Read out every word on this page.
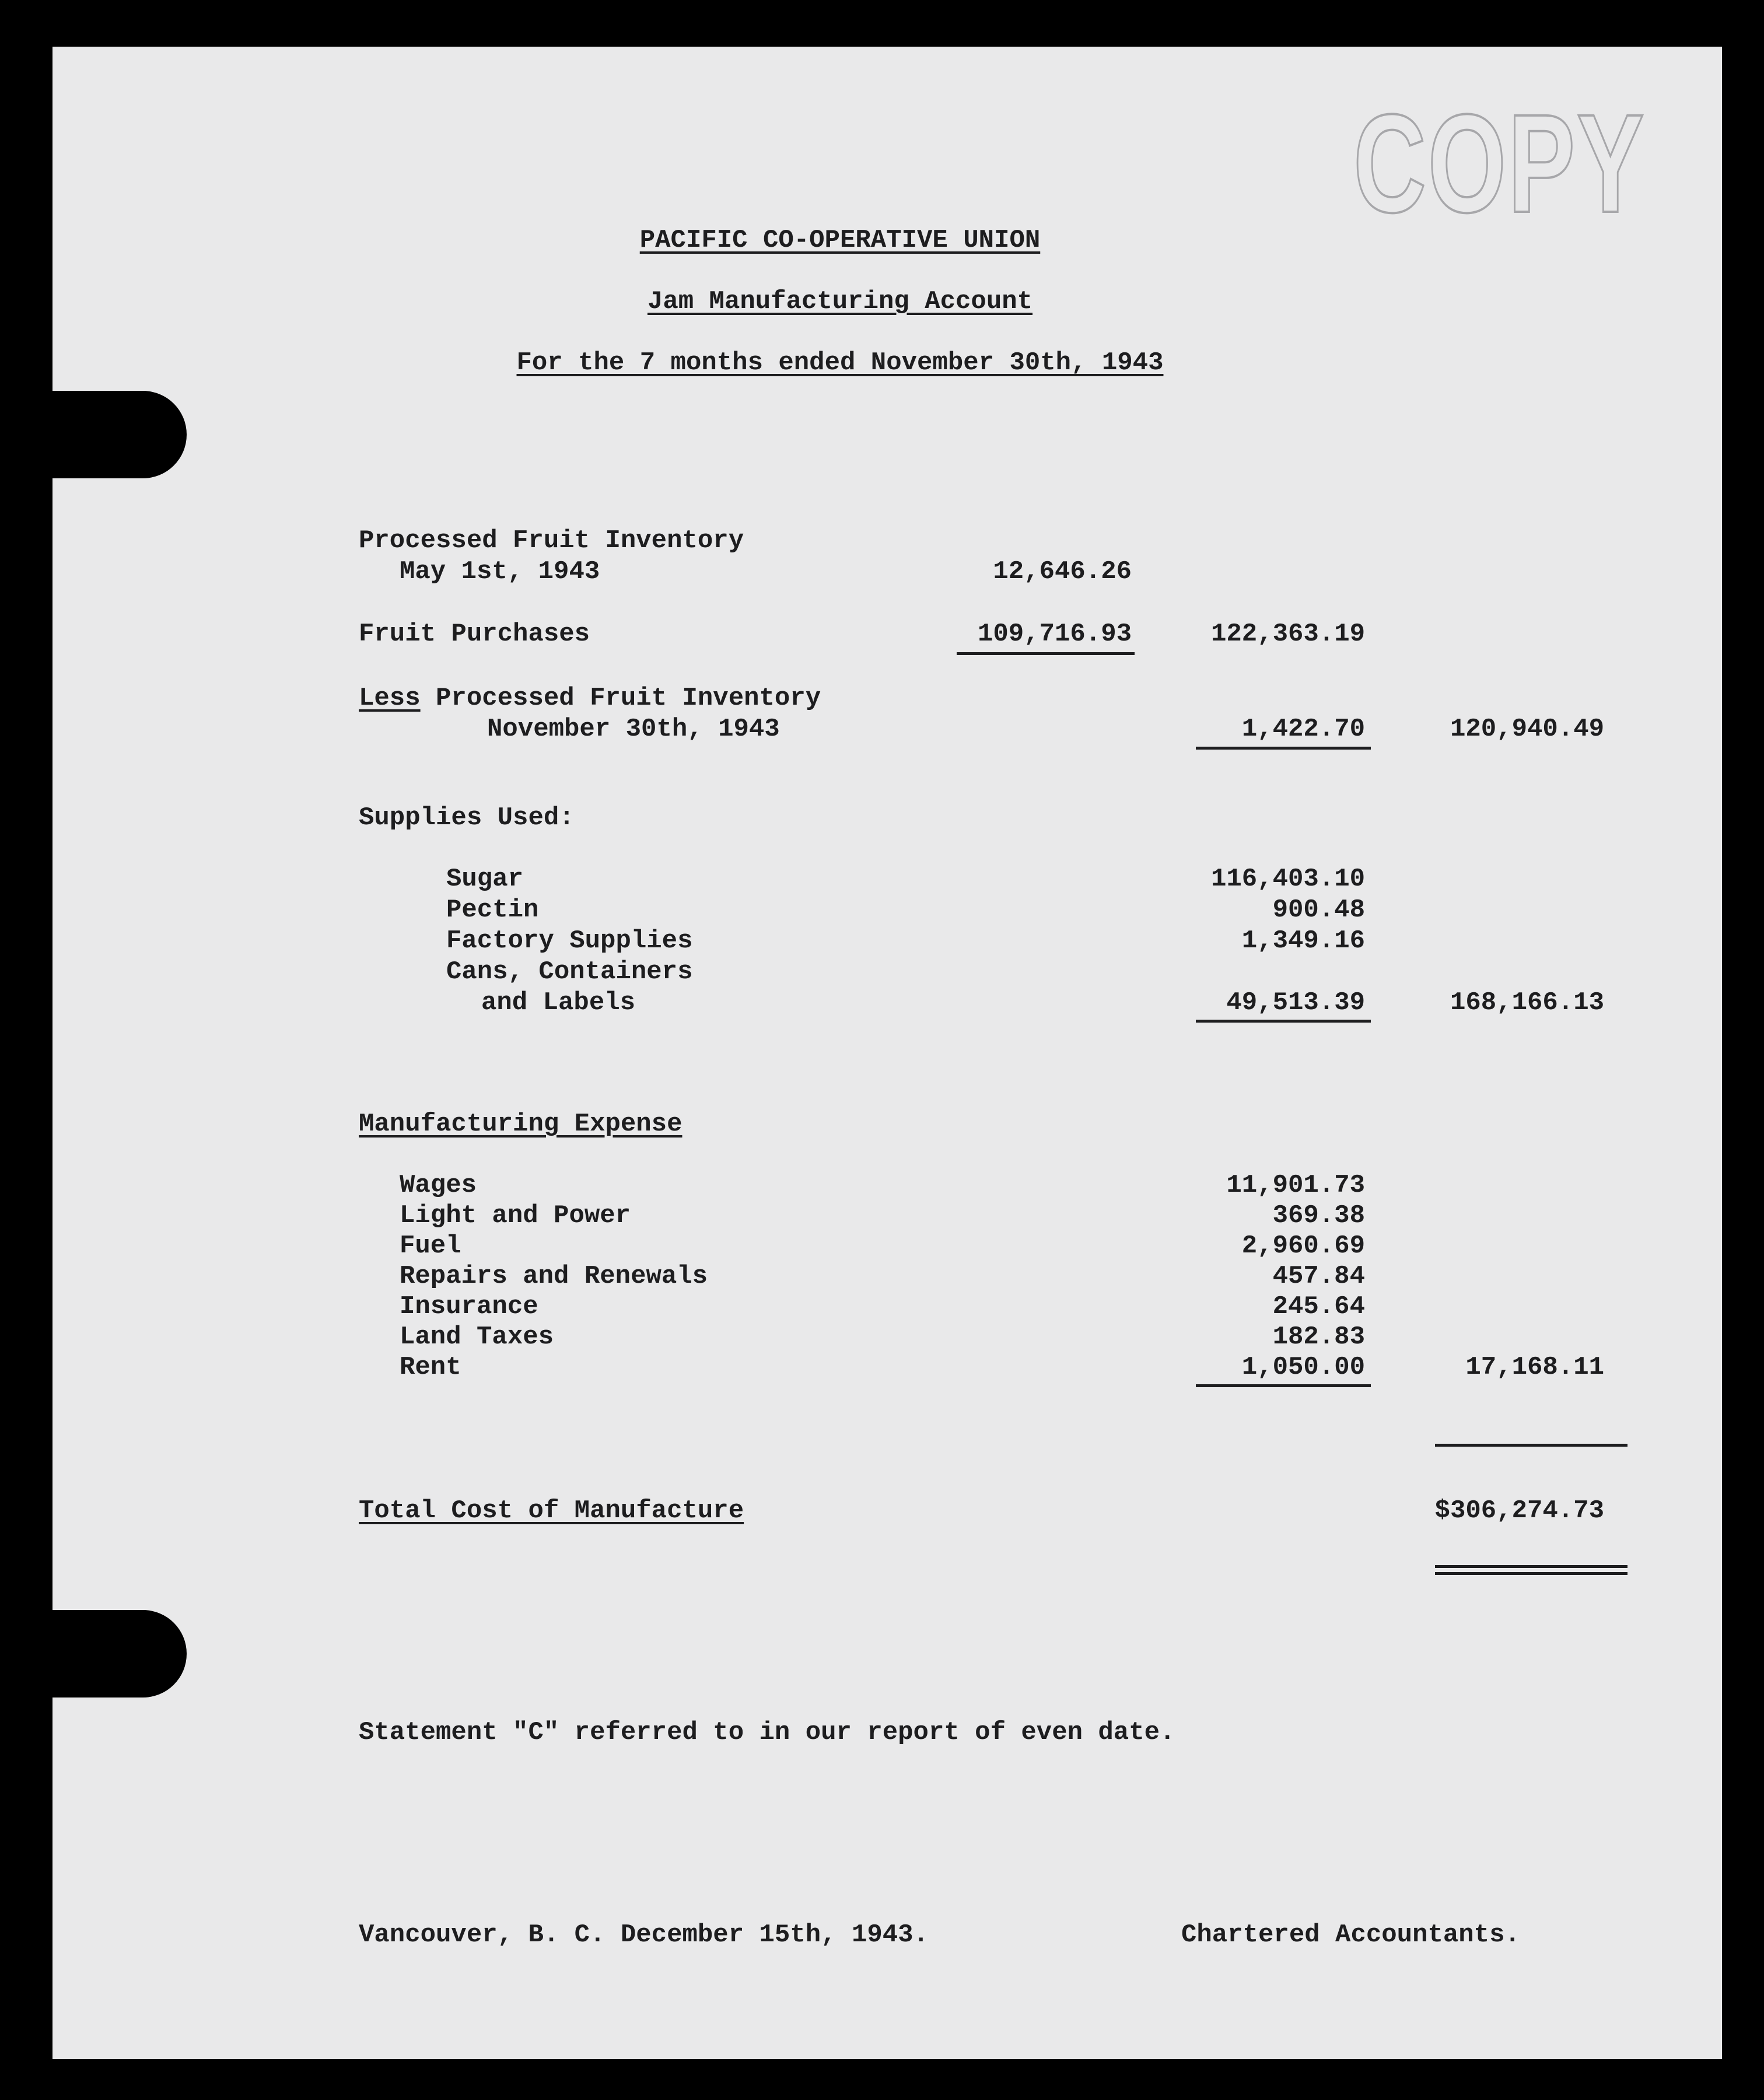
COPY
PACIFIC CO-OPERATIVE UNION
Jam Manufacturing Account
For the 7 months ended November 30th, 1943
Processed Fruit Inventory
May 1st, 1943	12,646.26
Fruit Purchases	109,716.93	122,363.19
Less Processed Fruit Inventory
November 30th, 1943	1,422.70	120,940.49
Supplies Used:
Sugar	116,403.10
Pectin	900.48
Factory Supplies	1,349.16
Cans, Containers
and Labels	49,513.39	168,166.13
Manufacturing Expense
Wages	11,901.73
Light and Power	369.38
Fuel	2,960.69
Repairs and Renewals	457.84
Insurance	245.64
Land Taxes	182.83
Rent	1,050.00	17,168.11
Total Cost of Manufacture	$306,274.73
Statement "C" referred to in our report of even date.
Vancouver, B. C. December 15th, 1943.	Chartered Accountants.
